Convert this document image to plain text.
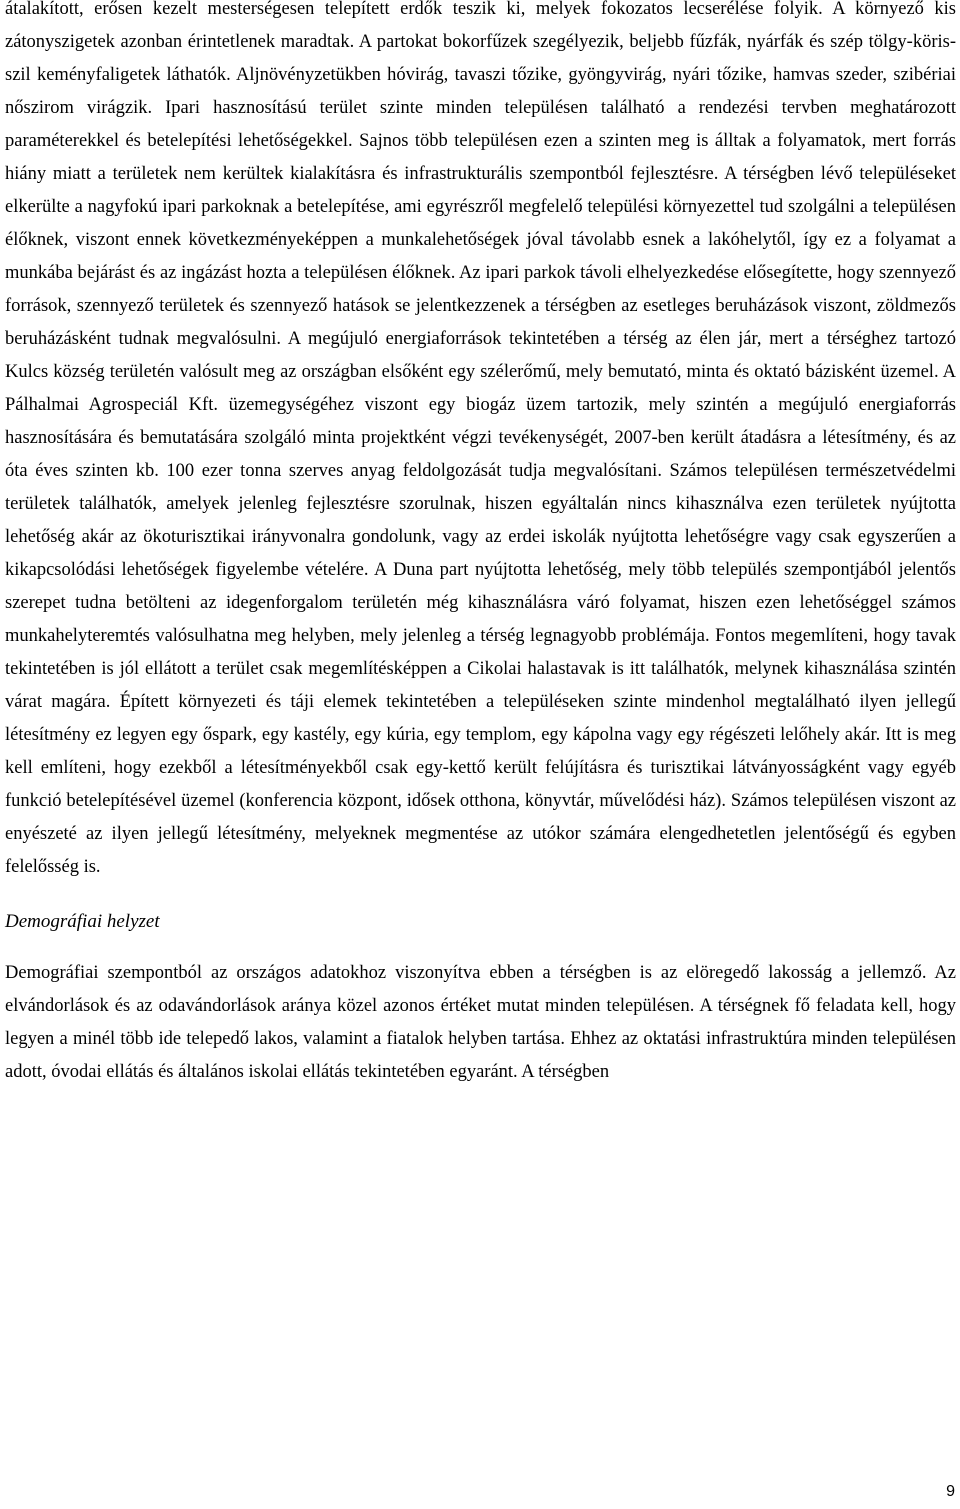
átalakított, erősen kezelt mesterségesen telepített erdők teszik ki, melyek fokozatos lecserélése folyik. A környező kis zátonyszigetek azonban érintetlenek maradtak. A partokat bokorfűzek szegélyezik, beljebb fűzfák, nyárfák és szép tölgy-köris-szil keményfaligetek láthatók. Aljnövényzetükben hóvirág, tavaszi tőzike, gyöngyvirág, nyári tőzike, hamvas szeder, szibériai nőszirom virágzik. Ipari hasznosítású terület szinte minden településen található a rendezési tervben meghatározott paraméterekkel és betelepítési lehetőségekkel. Sajnos több településen ezen a szinten meg is álltak a folyamatok, mert forrás hiány miatt a területek nem kerültek kialakításra és infrastrukturális szempontból fejlesztésre. A térségben lévő településeket elkerülte a nagyfokú ipari parkoknak a betelepítése, ami egyrészről megfelelő települési környezettel tud szolgálni a településen élőknek, viszont ennek következményeképpen a munkalehetőségek jóval távolabb esnek a lakóhelytől, így ez a folyamat a munkába bejárást és az ingázást hozta a településen élőknek. Az ipari parkok távoli elhelyezkedése elősegítette, hogy szennyező források, szennyező területek és szennyező hatások se jelentkezzenek a térségben az esetleges beruházások viszont, zöldmezős beruházásként tudnak megvalósulni. A megújuló energiaforrások tekintetében a térség az élen jár, mert a térséghez tartozó Kulcs község területén valósult meg az országban elsőként egy szélerőmű, mely bemutató, minta és oktató bázisként üzemel. A Pálhalmai Agrospeciál Kft. üzemegységéhez viszont egy biogáz üzem tartozik, mely szintén a megújuló energiaforrás hasznosítására és bemutatására szolgáló minta projektként végzi tevékenységét, 2007-ben került átadásra a létesítmény, és az óta éves szinten kb. 100 ezer tonna szerves anyag feldolgozását tudja megvalósítani. Számos településen természetvédelmi területek találhatók, amelyek jelenleg fejlesztésre szorulnak, hiszen egyáltalán nincs kihasználva ezen területek nyújtotta lehetőség akár az ökoturisztikai irányvonalra gondolunk, vagy az erdei iskolák nyújtotta lehetőségre vagy csak egyszerűen a kikapcsolódási lehetőségek figyelembe vételére. A Duna part nyújtotta lehetőség, mely több település szempontjából jelentős szerepet tudna betölteni az idegenforgalom területén még kihasználásra váró folyamat, hiszen ezen lehetőséggel számos munkahelyteremtés valósulhatna meg helyben, mely jelenleg a térség legnagyobb problémája. Fontos megemlíteni, hogy tavak tekintetében is jól ellátott a terület csak megemlítésképpen a Cikolai halastavak is itt találhatók, melynek kihasználása szintén várat magára. Épített környezeti és táji elemek tekintetében a településeken szinte mindenhol megtalálható ilyen jellegű létesítmény ez legyen egy őspark, egy kastély, egy kúria, egy templom, egy kápolna vagy egy régészeti lelőhely akár. Itt is meg kell említeni, hogy ezekből a létesítményekből csak egy-kettő került felújításra és turisztikai látványosságként vagy egyéb funkció betelepítésével üzemel (konferencia központ, idősek otthona, könyvtár, művelődési ház). Számos településen viszont az enyészeté az ilyen jellegű létesítmény, melyeknek megmentése az utókor számára elengedhetetlen jelentőségű és egyben felelősség is.

Demográfiai helyzet

Demográfiai szempontból az országos adatokhoz viszonyítva ebben a térségben is az elöregedő lakosság a jellemző. Az elvándorlások és az odavándorlások aránya közel azonos értéket mutat minden településen. A térségnek fő feladata kell, hogy legyen a minél több ide telepedő lakos, valamint a fiatalok helyben tartása. Ehhez az oktatási infrastruktúra minden településen adott, óvodai ellátás és általános iskolai ellátás tekintetében egyaránt. A térségben

9
